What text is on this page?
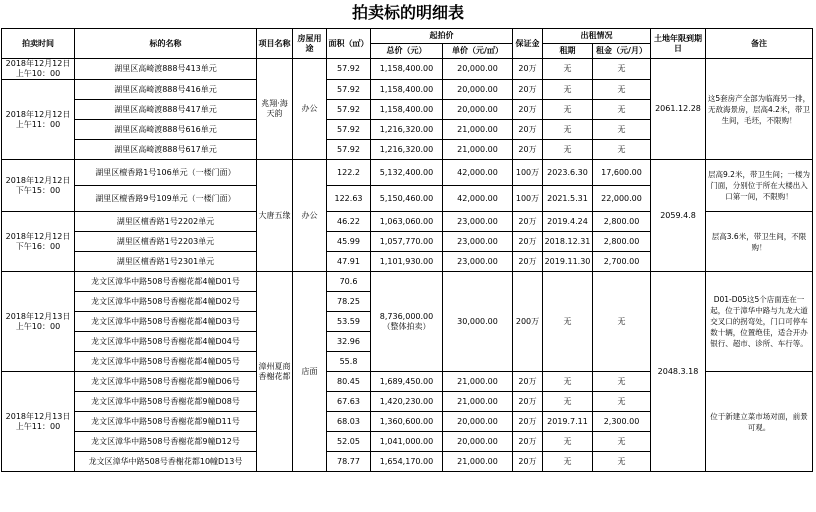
拍卖标的明细表
拍卖时间	标的名称	项目名称	房屋用途	面积（㎡）	起拍价		保证金	出租情况		土地年限到期日	备注
					总价（元）	单价（元/㎡）		租期	租金（元/月）		
2018年12月12日上午10：00	湖里区高崎渡888号413单元	兆翔·海天韵	办公	57.92	1,158,400.00	20,000.00	20万	无	无	2061.12.28	这5套房产全部为临海另一排，无敌海景房，层高4.2米，带卫生间，毛坯，不限购！
2018年12月12日上午11：00	湖里区高崎渡888号416单元			57.92	1,158,400.00	20,000.00	20万	无	无		
	湖里区高崎渡888号417单元			57.92	1,158,400.00	20,000.00	20万	无	无		
	湖里区高崎渡888号616单元			57.92	1,216,320.00	21,000.00	20万	无	无		
	湖里区高崎渡888号617单元			57.92	1,216,320.00	21,000.00	20万	无	无		
2018年12月12日下午15：00	湖里区檀香路1号106单元（一楼门面）	大唐五缘	办公	122.2	5,132,400.00	42,000.00	100万	2023.6.30	17,600.00	2059.4.8	层高9.2米，带卫生间；一楼为门面，分别位于所在大楼出入口第一间，不限购！
	湖里区檀香路9号109单元（一楼门面）			122.63	5,150,460.00	42,000.00	100万	2021.5.31	22,000.00		
2018年12月12日下午16：00	湖里区檀香路1号2202单元			46.22	1,063,060.00	23,000.00	20万	2019.4.24	2,800.00		层高3.6米，带卫生间，不限购！
	湖里区檀香路1号2203单元			45.99	1,057,770.00	23,000.00	20万	2018.12.31	2,800.00		
	湖里区檀香路1号2301单元			47.91	1,101,930.00	23,000.00	20万	2019.11.30	2,700.00		
2018年12月13日上午10：00	龙文区漳华中路508号香榭花都4幢D01号	漳州夏商香榭花都	店面	70.6	8,736,000.00（整体拍卖）	30,000.00	200万	无	无	2048.3.18	D01-D05这5个店面连在一起，位于漳华中路与九龙大道交叉口的拐弯处，门口可停车数十辆，位置绝佳，适合开办银行、超市、诊所、车行等。
	龙文区漳华中路508号香榭花都4幢D02号			78.25							
	龙文区漳华中路508号香榭花都4幢D03号			53.59							
	龙文区漳华中路508号香榭花都4幢D04号			32.96							
	龙文区漳华中路508号香榭花都4幢D05号			55.8							
2018年12月13日上午11：00	龙文区漳华中路508号香榭花都9幢D06号			80.45	1,689,450.00	21,000.00	20万	无	无		位于新建立菜市场对面，前景可观。
	龙文区漳华中路508号香榭花都9幢D08号			67.63	1,420,230.00	21,000.00	20万	无	无		
	龙文区漳华中路508号香榭花都9幢D11号			68.03	1,360,600.00	20,000.00	20万	2019.7.11	2,300.00		
	龙文区漳华中路508号香榭花都9幢D12号			52.05	1,041,000.00	20,000.00	20万	无	无		
	龙文区漳华中路508号香榭花都10幢D13号			78.77	1,654,170.00	21,000.00	20万	无	无		
